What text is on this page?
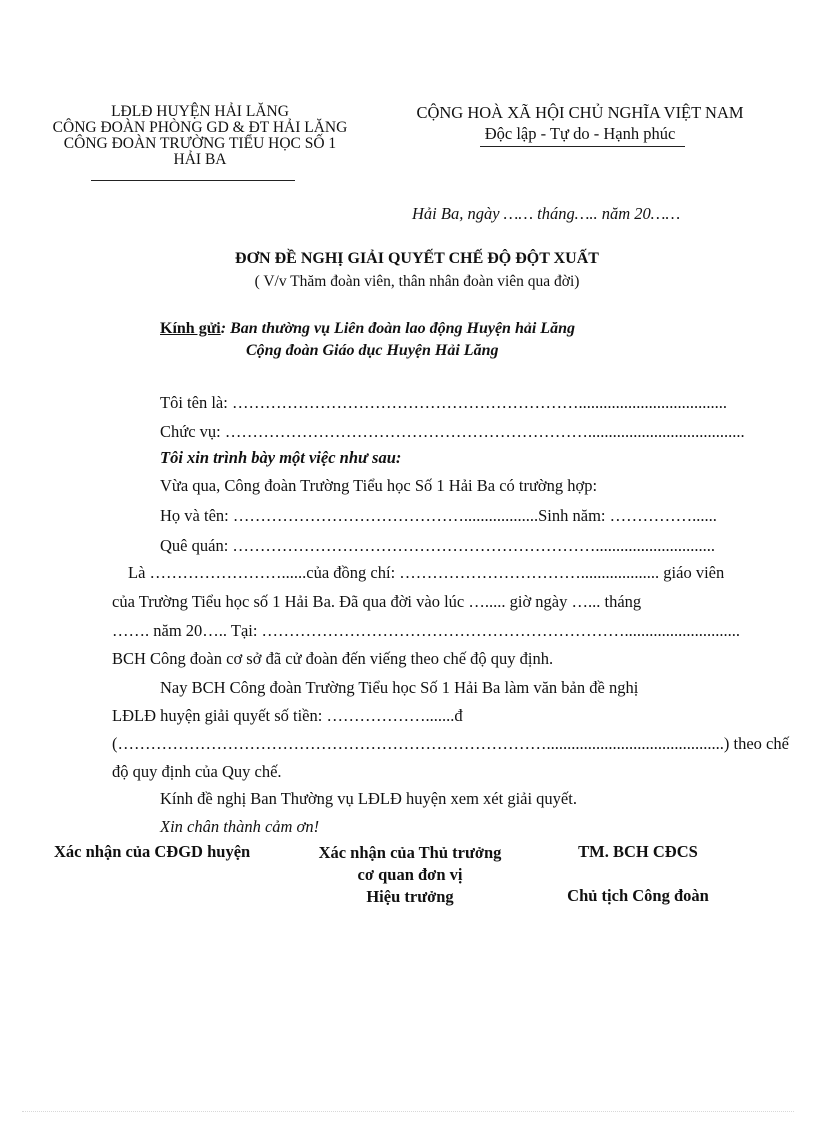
LĐLĐ HUYỆN HẢI LĂNG
CÔNG ĐOÀN PHÒNG GD & ĐT HẢI LĂNG
CÔNG ĐOÀN TRƯỜNG TIỂU HỌC SỐ 1
HẢI BA
CỘNG HOÀ XÃ HỘI CHỦ NGHĨA VIỆT NAM
Độc lập - Tự do - Hạnh phúc
Hải Ba, ngày …… tháng….. năm 20……
ĐƠN ĐỀ NGHỊ GIẢI QUYẾT CHẾ ĐỘ ĐỘT XUẤT
( V/v Thăm đoàn viên, thân nhân đoàn viên qua đời)
Kính gửi: Ban thường vụ Liên đoàn lao động Huyện hải Lăng
Cộng đoàn Giáo dục Huyện Hải Lăng
Tôi tên là: ………………………………………………………....................................
Chức vụ: …………………………………………………………......................................
Tôi xin trình bày một việc như sau:
Vừa qua, Công đoàn Trường Tiểu học Số 1 Hải Ba có trường hợp:
Họ và tên: ……………………………………..................Sinh năm: ……………......
Quê quán: ………………………………………………………….............................
Là ……………………......của đồng chí: ……………………………................... giáo viên
của Trường Tiểu học số 1 Hải Ba. Đã qua đời vào lúc …..... giờ ngày …... tháng
……. năm 20….. Tại: …………………………………………………………............................
BCH Công đoàn cơ sở đã cử đoàn đến viếng theo chế độ quy định.
Nay BCH Công đoàn Trường Tiểu học Số 1 Hải Ba làm văn bản đề nghị
LĐLĐ huyện giải quyết số tiền: ……………….......đ
(……………………………………………………………………...........................................) theo chế
độ quy định của Quy chế.
Kính đề nghị Ban Thường vụ LĐLĐ huyện xem xét giải quyết.
Xin chân thành cảm ơn!
Xác nhận của CĐGD huyện	Xác nhận của Thủ trưởng
cơ quan đơn vị
Hiệu trưởng
TM. BCH CĐCS
Chủ tịch Công đoàn
